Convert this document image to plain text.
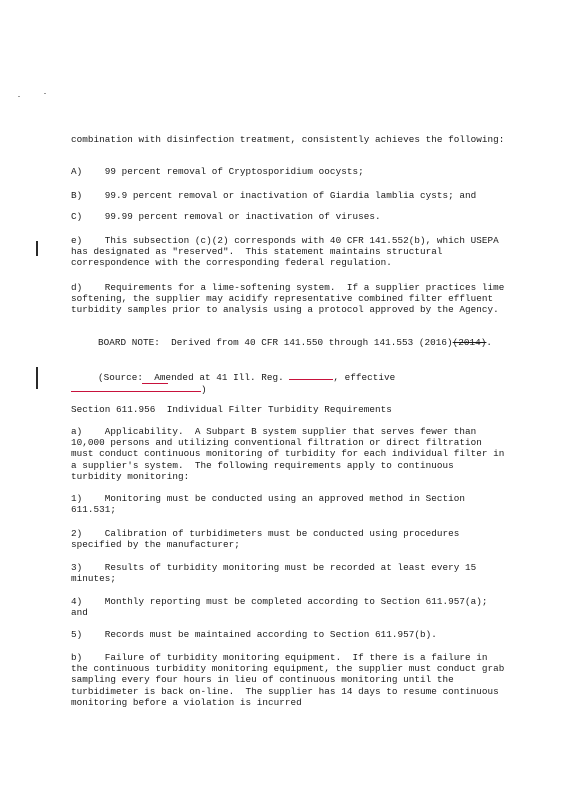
combination with disinfection treatment, consistently achieves the following:

A)    99 percent removal of Cryptosporidium oocysts;

B)    99.9 percent removal or inactivation of Giardia lamblia cysts; and

C)    99.99 percent removal or inactivation of viruses.

e)    This subsection (c)(2) corresponds with 40 CFR 141.552(b), which USEPA has designated as "reserved".  This statement maintains structural correspondence with the corresponding federal regulation.

d)    Requirements for a lime-softening system.  If a supplier practices lime softening, the supplier may acidify representative combined filter effluent turbidity samples prior to analysis using a protocol approved by the Agency.

BOARD NOTE:  Derived from 40 CFR 141.550 through 141.553 (2016)(2014).

(Source:  Amended at 41 Ill. Reg.	, effective
)

Section 611.956  Individual Filter Turbidity Requirements

a)    Applicability.  A Subpart B system supplier that serves fewer than 10,000 persons and utilizing conventional filtration or direct filtration must conduct continuous monitoring of turbidity for each individual filter in a supplier's system.  The following requirements apply to continuous turbidity monitoring:

1)    Monitoring must be conducted using an approved method in Section 611.531;

2)    Calibration of turbidimeters must be conducted using procedures specified by the manufacturer;

3)    Results of turbidity monitoring must be recorded at least every 15 minutes;

4)    Monthly reporting must be completed according to Section 611.957(a); and

5)    Records must be maintained according to Section 611.957(b).

b)    Failure of turbidity monitoring equipment.  If there is a failure in the continuous turbidity monitoring equipment, the supplier must conduct grab sampling every four hours in lieu of continuous monitoring until the turbidimeter is back on-line.  The supplier has 14 days to resume continuous monitoring before a violation is incurred
